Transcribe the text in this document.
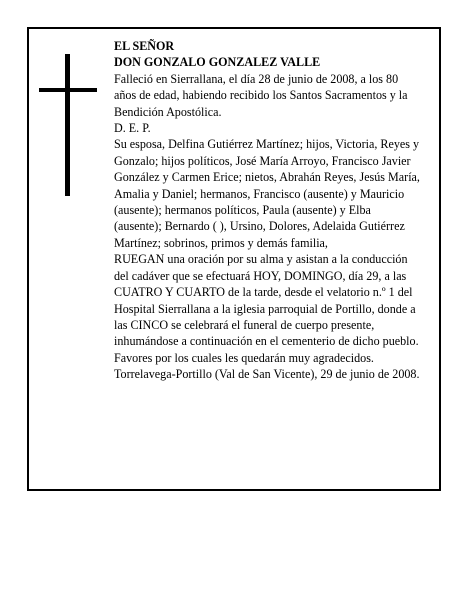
EL SEÑOR

DON GONZALO GONZALEZ VALLE

Falleció en Sierrallana, el día 28 de junio de 2008, a los 80 años de edad, habiendo recibido los Santos Sacramentos y la Bendición Apostólica.

D. E. P.

Su esposa, Delfina Gutiérrez Martínez; hijos, Victoria, Reyes y Gonzalo; hijos políticos, José María Arroyo, Francisco Javier González y Carmen Erice; nietos, Abrahán Reyes, Jesús María, Amalia y Daniel; hermanos, Francisco (ausente) y Mauricio (ausente); hermanos políticos, Paula (ausente) y Elba (ausente); Bernardo ( ), Ursino, Dolores, Adelaida Gutiérrez Martínez; sobrinos, primos y demás familia,

RUEGAN una oración por su alma y asistan a la conducción del cadáver que se efectuará HOY, DOMINGO, día 29, a las CUATRO Y CUARTO de la tarde, desde el velatorio n.º 1 del Hospital Sierrallana a la iglesia parroquial de Portillo, donde a las CINCO se celebrará el funeral de cuerpo presente, inhumándose a continuación en el cementerio de dicho pueblo. Favores por los cuales les quedarán muy agradecidos.

Torrelavega-Portillo (Val de San Vicente), 29 de junio de 2008.
